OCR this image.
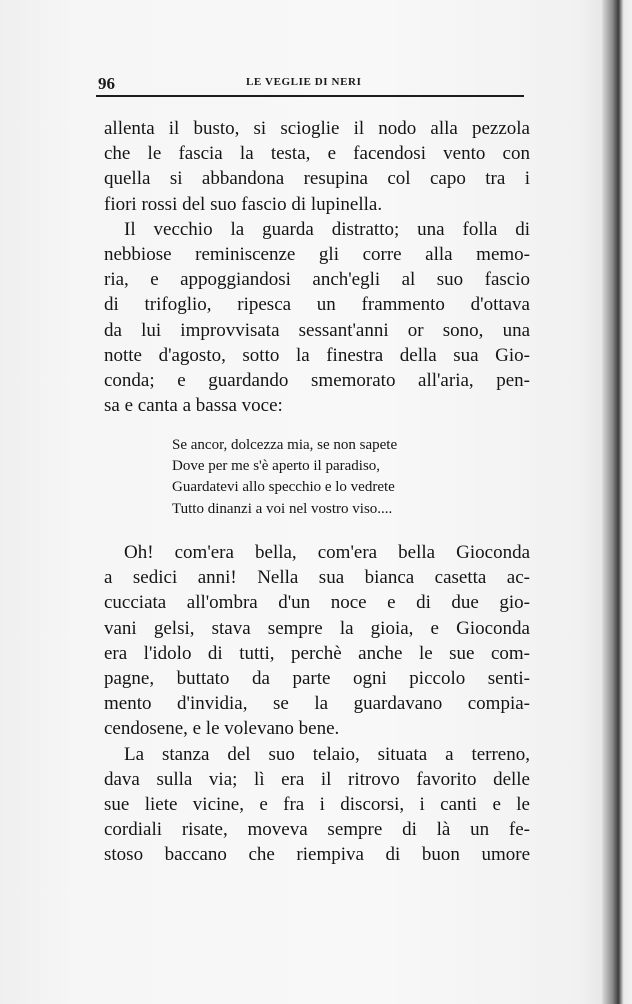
96	LE VEGLIE DI NERI
allenta il busto, si scioglie il nodo alla pezzola
che le fascia la testa, e facendosi vento con
quella si abbandona resupina col capo tra i
fiori rossi del suo fascio di lupinella.
Il vecchio la guarda distratto; una folla di
nebbiose reminiscenze gli corre alla memo-
ria, e appoggiandosi anch'egli al suo fascio
di trifoglio, ripesca un frammento d'ottava
da lui improvvisata sessant'anni or sono, una
notte d'agosto, sotto la finestra della sua Gio-
conda; e guardando smemorato all'aria, pen-
sa e canta a bassa voce:
Se ancor, dolcezza mia, se non sapete
Dove per me s'è aperto il paradiso,
Guardatevi allo specchio e lo vedrete
Tutto dinanzi a voi nel vostro viso....
Oh! com'era bella, com'era bella Gioconda
a sedici anni! Nella sua bianca casetta ac-
cucciata all'ombra d'un noce e di due gio-
vani gelsi, stava sempre la gioia, e Gioconda
era l'idolo di tutti, perchè anche le sue com-
pagne, buttato da parte ogni piccolo senti-
mento d'invidia, se la guardavano compia-
cendosene, e le volevano bene.
La stanza del suo telaio, situata a terreno,
dava sulla via; lì era il ritrovo favorito delle
sue liete vicine, e fra i discorsi, i canti e le
cordiali risate, moveva sempre di là un fe-
stoso baccano che riempiva di buon umore
